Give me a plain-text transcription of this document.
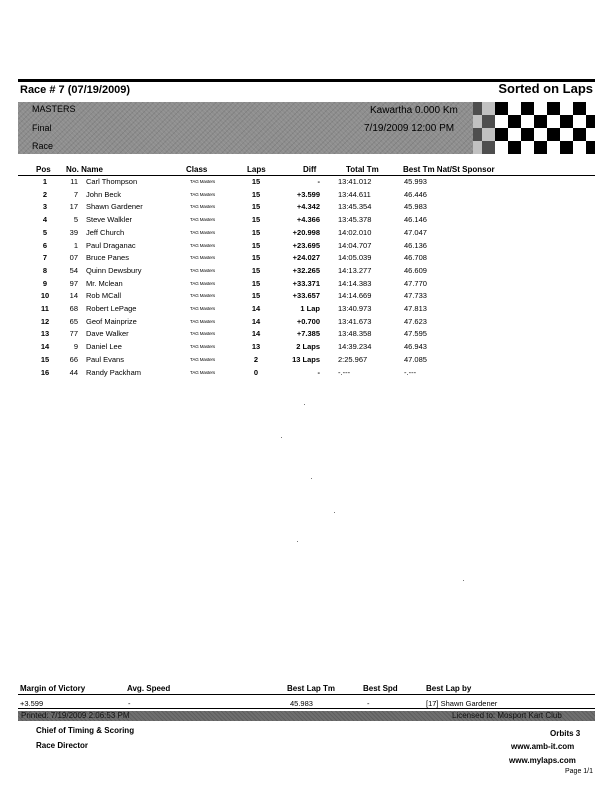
Race # 7 (07/19/2009)	Sorted on Laps
MASTERS
Final
Race
Kawartha 0.000 Km
7/19/2009 12:00 PM
Pos No. Name	Class	Laps	Diff	Total Tm	Best Tm Nat/St Sponsor
1	11 Carl Thompson	TAG Masters	15	- 13:41.012	45.993
2	7 John Beck	TAG Masters	15	+3.599 13:44.611	46.446
3	17 Shawn Gardener	TAG Masters	15	+4.342 13:45.354	45.983
4	5 Steve Walkler	TAG Masters	15	+4.366 13:45.378	46.146
5	39 Jeff Church	TAG Masters	15	+20.998 14:02.010	47.047
6	1 Paul Draganac	TAG Masters	15	+23.695 14:04.707	46.136
7	07 Bruce Panes	TAG Masters	15	+24.027 14:05.039	46.708
8	54 Quinn Dewsbury	TAG Masters	15	+32.265 14:13.277	46.609
9	97 Mr. Mclean	TAG Masters	15	+33.371 14:14.383	47.770
10	14 Rob MCall	TAG Masters	15	+33.657 14:14.669	47.733
11	68 Robert LePage	TAG Masters	14	1 Lap 13:40.973	47.813
12	65 Geof Mainprize	TAG Masters	14	+0.700 13:41.673	47.623
13	77 Dave Walker	TAG Masters	14	+7.385 13:48.358	47.595
14	9 Daniel Lee	TAG Masters	13	2 Laps 14:39.234	46.943
15	66 Paul Evans	TAG Masters	2	13 Laps 2:25.967	47.085
16	44 Randy Packham	TAG Masters	0	- -.---	-.---
Margin of Victory	Avg. Speed	Best Lap Tm	Best Spd	Best Lap by
+3.599	-	45.983	-	[17] Shawn Gardener
Printed: 7/19/2009 2:06:53 PM	Licensed to: Mosport Kart Club
Chief of Timing & Scoring
Race Director
Orbits 3
www.amb-it.com
www.mylaps.com
Page 1/1
